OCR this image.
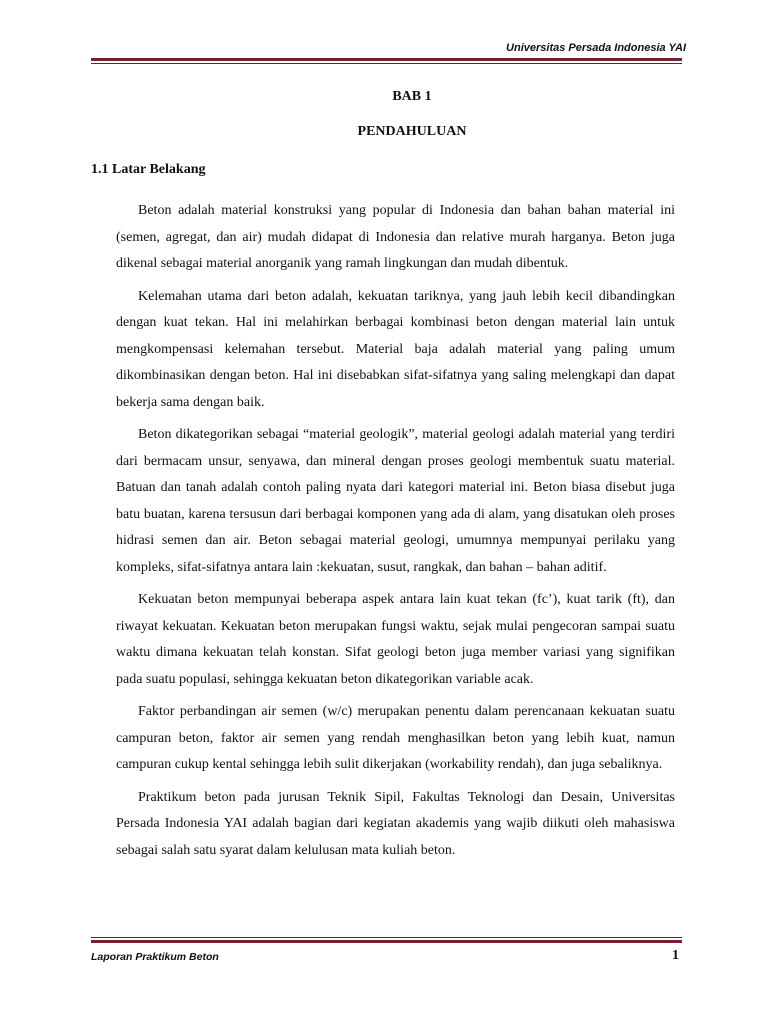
Universitas Persada Indonesia YAI

BAB 1

PENDAHULUAN

1.1 Latar Belakang

Beton adalah material konstruksi yang popular di Indonesia dan bahan bahan material ini (semen, agregat, dan air) mudah didapat di Indonesia dan relative murah harganya. Beton juga dikenal sebagai material anorganik yang ramah lingkungan dan mudah dibentuk.

Kelemahan utama dari beton adalah, kekuatan tariknya, yang jauh lebih kecil dibandingkan dengan kuat tekan. Hal ini melahirkan berbagai kombinasi beton dengan material lain untuk mengkompensasi kelemahan tersebut. Material baja adalah material yang paling umum dikombinasikan dengan beton. Hal ini disebabkan sifat-sifatnya yang saling melengkapi dan dapat bekerja sama dengan baik.

Beton dikategorikan sebagai “material geologik”, material geologi adalah material yang terdiri dari bermacam unsur, senyawa, dan mineral dengan proses geologi membentuk suatu material. Batuan dan tanah adalah contoh paling nyata dari kategori material ini. Beton biasa disebut juga batu buatan, karena tersusun dari berbagai komponen yang ada di alam, yang disatukan oleh proses hidrasi semen dan air. Beton sebagai material geologi, umumnya mempunyai perilaku yang kompleks, sifat-sifatnya antara lain :kekuatan, susut, rangkak, dan bahan – bahan aditif.

Kekuatan beton mempunyai beberapa aspek antara lain kuat tekan (fc’), kuat tarik (ft), dan riwayat kekuatan. Kekuatan beton merupakan fungsi waktu, sejak mulai pengecoran sampai suatu waktu dimana kekuatan telah konstan. Sifat geologi beton juga member variasi yang signifikan pada suatu populasi, sehingga kekuatan beton dikategorikan variable acak.

Faktor perbandingan air semen (w/c) merupakan penentu dalam perencanaan kekuatan suatu campuran beton, faktor air semen yang rendah menghasilkan beton yang lebih kuat, namun campuran cukup kental sehingga lebih sulit dikerjakan (workability rendah), dan juga sebaliknya.

Praktikum beton pada jurusan Teknik Sipil, Fakultas Teknologi dan Desain, Universitas Persada Indonesia YAI adalah bagian dari kegiatan akademis yang wajib diikuti oleh mahasiswa sebagai salah satu syarat dalam kelulusan mata kuliah beton.

Laporan Praktikum Beton	1
